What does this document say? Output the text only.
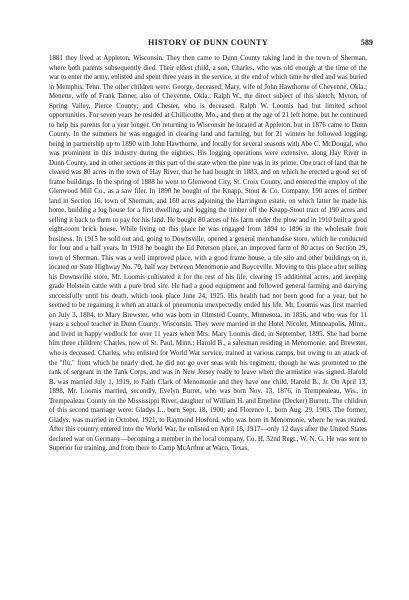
HISTORY OF DUNN COUNTY	589

1881 they lived at Appleton, Wisconsin. They then came to Dunn County taking land in the town of Sherman, where both parents subsequently died. Their eldest child, a son, Charles, who was old enough at the time of the war to enter the army, enlisted and spent three years in the service, at the end of which time he died and was buried in Memphis, Tenn. The other children were: George, deceased; Mary, wife of John Hawthorne of Cheyenne, Okla.; Menette, wife of Frank Tanner, also of Cheyenne, Okla.; Ralph W., the direct subject of this sketch; Myron, of Spring Valley, Pierce County; and Chester, who is deceased. Ralph W. Loomis had but limited school opportunities. For seven years he resided at Chillicothe, Mo., and then at the age of 21 left home, but he continued to help his parents for a year longer. On returning to Wisconsin he located at Appleton, but in 1876 came to Dunn County. In the summers he was engaged in clearing land and farming, but for 21 winters he followed logging, being in partnership up to 1890 with John Hawthorne, and locally for several seasons with Abe C. McDougal, who was prominent in this industry during the eighties. His logging operations were extensive, along Hay River in Dunn County, and in other sections in this part of the state when the pine was in its prime. One tract of land that he cleared was 80 acres in the town of Hay River, that he had bought in 1883, and on which he erected a good set of frame buildings. In the spring of 1888 he went to Glenwood City, St. Croix County, and entered the employ of the Glenwood Mill Co., as a saw filer. In 1890 he bought of the Knapp, Stout & Co. Company, 190 acres of timber land in Section 16, town of Sherman, and 160 acres adjoining the Harrington estate, on which latter he made his home, building a log house for a first dwelling, and logging the timber off the Knapp-Stout tract of 190 acres and selling it back to them to pay for his land. He bought 80 acres of his farm under the plow and in 1910 built a good eight-room brick house. While living on this place he was engaged from 1894 to 1896 in the wholesale fruit business. In 1915 he sold out and, going to Downsville, opened a general merchandise store, which he conducted for four and a half years. In 1918 he bought the Ed Peterson place, an improved farm of 80 acres on Section 29, town of Sherman. This was a well improved place, with a good frame house, a tile silo and other buildings on it, located on State Highway No. 79, half way between Menomonie and Boyceville. Moving to this place after selling his Downsville store, Mr. Loomis cultivated it for the rest of his life, clearing 15 additional acres, and keeping grade Holstein cattle with a pure bred sire. He had a good equipment and followed general farming and dairying successfully until his death, which took place June 24, 1925. His health had not been good for a year, but he seemed to be regaining it when an attack of pneumonia unexpectedly ended his life. Mr. Loomis was first married on July 3, 1884, to Mary Brewster, who was born in Olmsted County, Minnesota, in 1856, and who was for 11 years a school teacher in Dunn County, Wisconsin. They were married in the Hotel Nicolet, Minneapolis, Minn., and lived in happy wedlock for over 11 years when Mrs. Mary Loomis died, in September, 1895. She had borne him three children: Charles, now of St. Paul, Minn.; Harold B., a salesman residing in Menomonie, and Brewster, who is deceased. Charles, who enlisted for World War service, trained at various camps, but owing to an attack of the "flu," from which he nearly died, he did not go over seas with his regiment, though he was promoted to the rank of sergeant in the Tank Corps, and was in New Jersey ready to leave when the armistice was signed. Harold B. was married July 1, 1919, to Faith Clark of Menomonie and they have one child, Harold B., Jr. On April 13, 1898, Mr. Loomis married, secondly, Evelyn Burret, who was born Nov. 13, 1876, in Trempealeau, Wis., in Trempealeau County on the Mississippi River, daughter of William H. and Emeline (Decker) Burrett. The children of this second marriage were: Gladys L., born Sept. 18, 1900; and Florence I., born Aug. 29, 1903. The former, Gladys, was married in October, 1921, to Raymond Hosford, who was born in Menomonie, where he was reared. After this country entered into the World War, he enlisted on April 18, 1917—only 12 days after the United States declared war on Germany—becoming a member in the local company, Co. H, 32nd Regt., W. N. G. He was sent to Superior for training, and from there to Camp McArthur at Waco, Texas,
